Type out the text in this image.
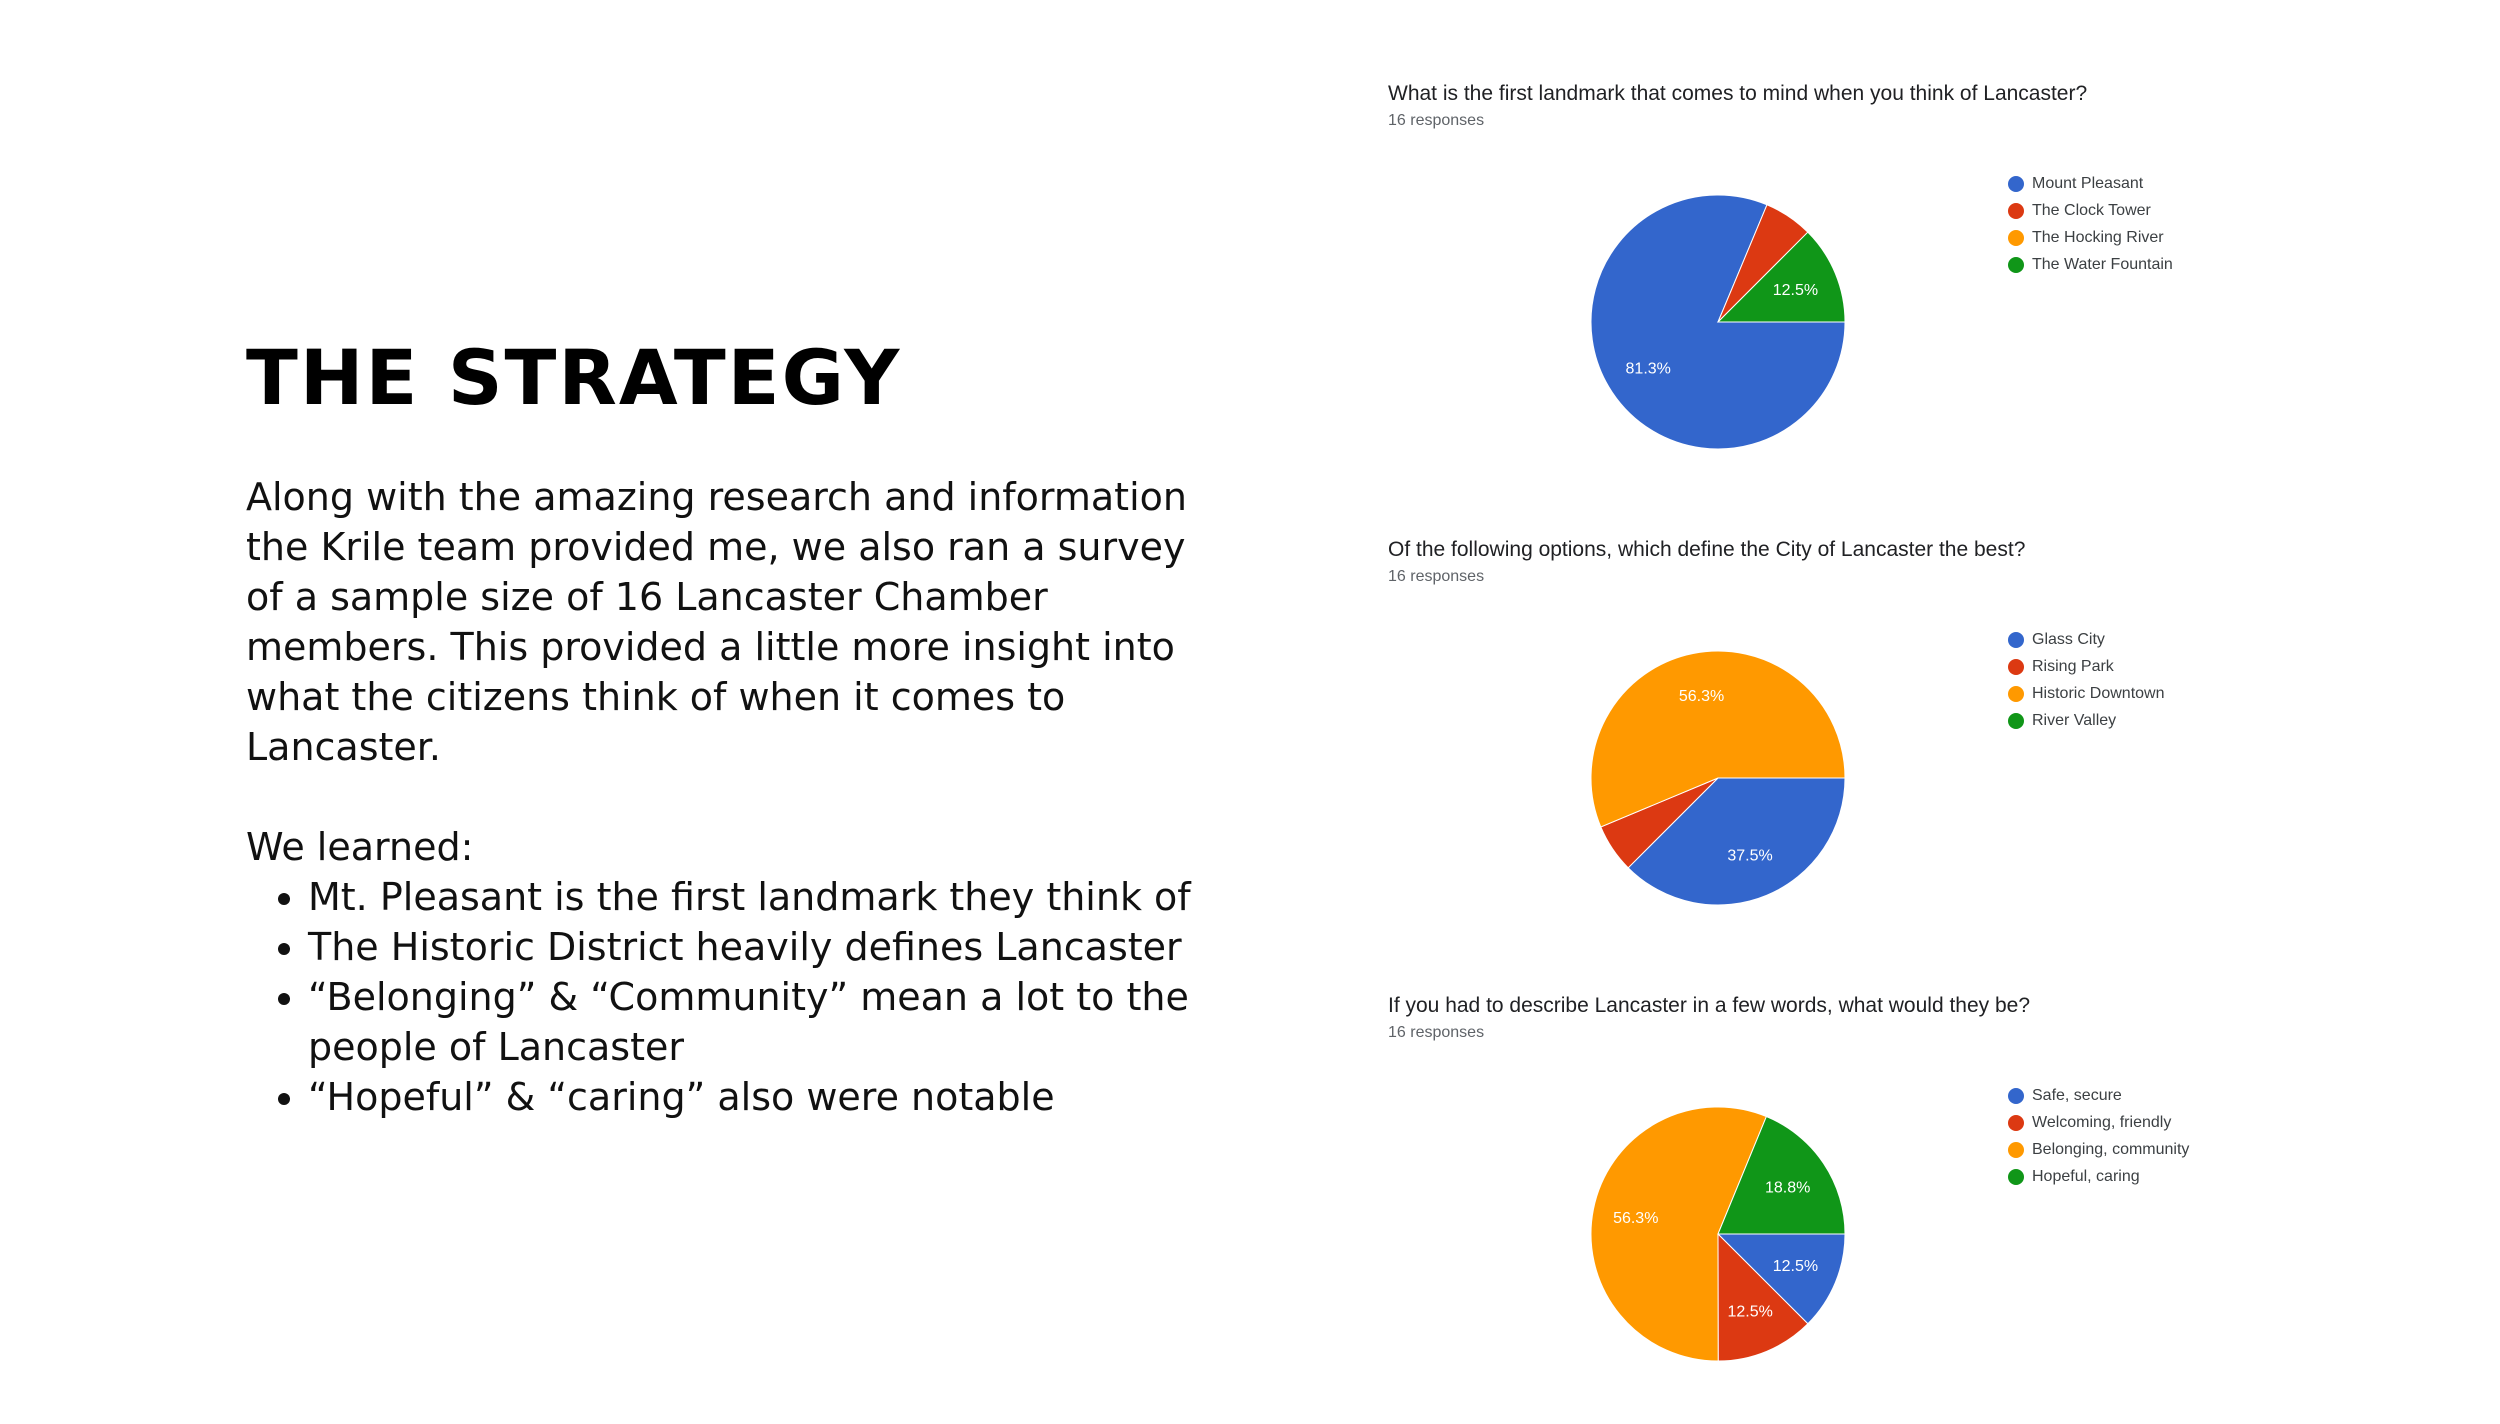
THE STRATEGY

Along with the amazing research and information the Krile team provided me, we also ran a survey of a sample size of 16 Lancaster Chamber members. This provided a little more insight into what the citizens think of when it comes to Lancaster.

We learned:

• Mt. Pleasant is the first landmark they think of
• The Historic District heavily defines Lancaster
• “Belonging” & “Community” mean a lot to the people of Lancaster
• “Hopeful” & “caring” also were notable
What is the first landmark that comes to mind when you think of Lancaster?
16 responses
81.3%
12.5%
Mount Pleasant
The Clock Tower
The Hocking River
The Water Fountain
Of the following options, which define the City of Lancaster the best?
16 responses
37.5%
56.3%
Glass City
Rising Park
Historic Downtown
River Valley
If you had to describe Lancaster in a few words, what would they be?
16 responses
12.5%
12.5%
56.3%
18.8%
Safe, secure
Welcoming, friendly
Belonging, community
Hopeful, caring
